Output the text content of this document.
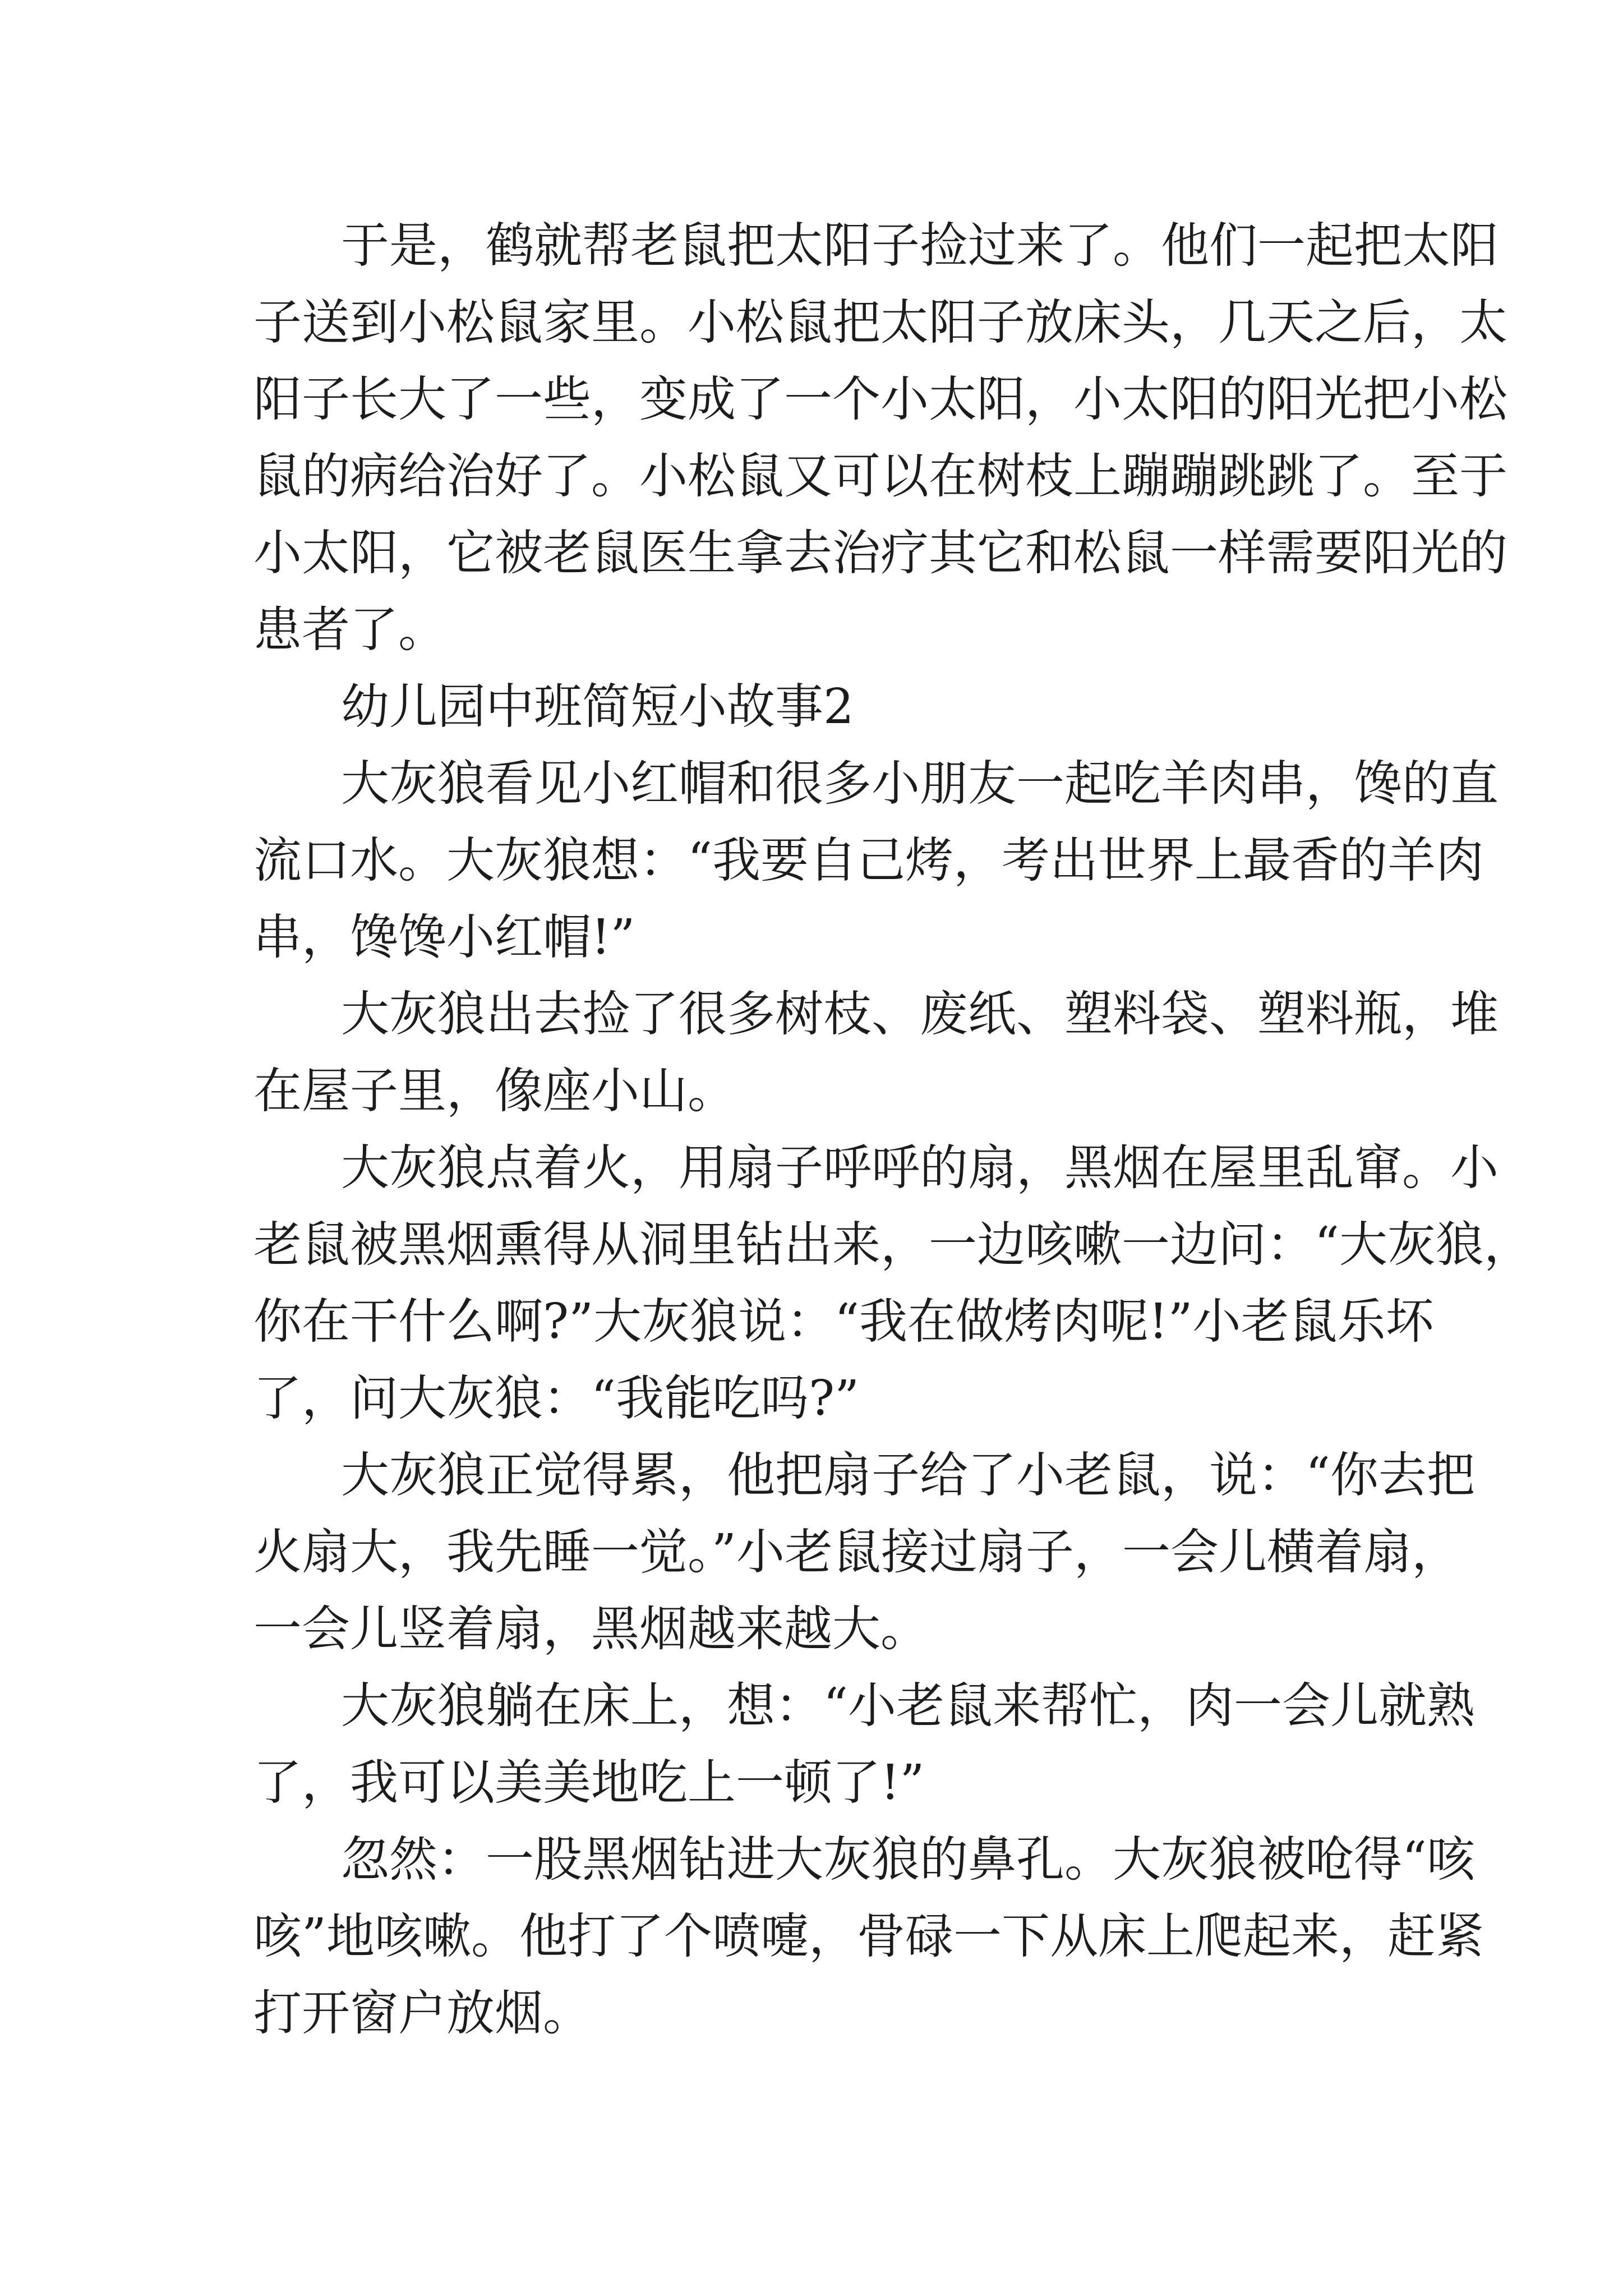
于是，鹤就帮老鼠把太阳子捡过来了。他们一起把太阳
子送到小松鼠家里。小松鼠把太阳子放床头，几天之后，太
阳子长大了一些，变成了一个小太阳，小太阳的阳光把小松
鼠的病给治好了。小松鼠又可以在树枝上蹦蹦跳跳了。至于
小太阳，它被老鼠医生拿去治疗其它和松鼠一样需要阳光的
患者了。
幼儿园中班简短小故事2
大灰狼看见小红帽和很多小朋友一起吃羊肉串，馋的直
流口水。大灰狼想：“我要自己烤，考出世界上最香的羊肉
串，馋馋小红帽!”
大灰狼出去捡了很多树枝、废纸、塑料袋、塑料瓶，堆
在屋子里，像座小山。
大灰狼点着火，用扇子呼呼的扇，黑烟在屋里乱窜。小
老鼠被黑烟熏得从洞里钻出来，一边咳嗽一边问：“大灰狼，
你在干什么啊?”大灰狼说：“我在做烤肉呢!”小老鼠乐坏
了，问大灰狼：“我能吃吗?”
大灰狼正觉得累，他把扇子给了小老鼠，说：“你去把
火扇大，我先睡一觉。”小老鼠接过扇子，一会儿横着扇，
一会儿竖着扇，黑烟越来越大。
大灰狼躺在床上，想：“小老鼠来帮忙，肉一会儿就熟
了，我可以美美地吃上一顿了!”
忽然：一股黑烟钻进大灰狼的鼻孔。大灰狼被呛得“咳
咳”地咳嗽。他打了个喷嚏，骨碌一下从床上爬起来，赶紧
打开窗户放烟。
